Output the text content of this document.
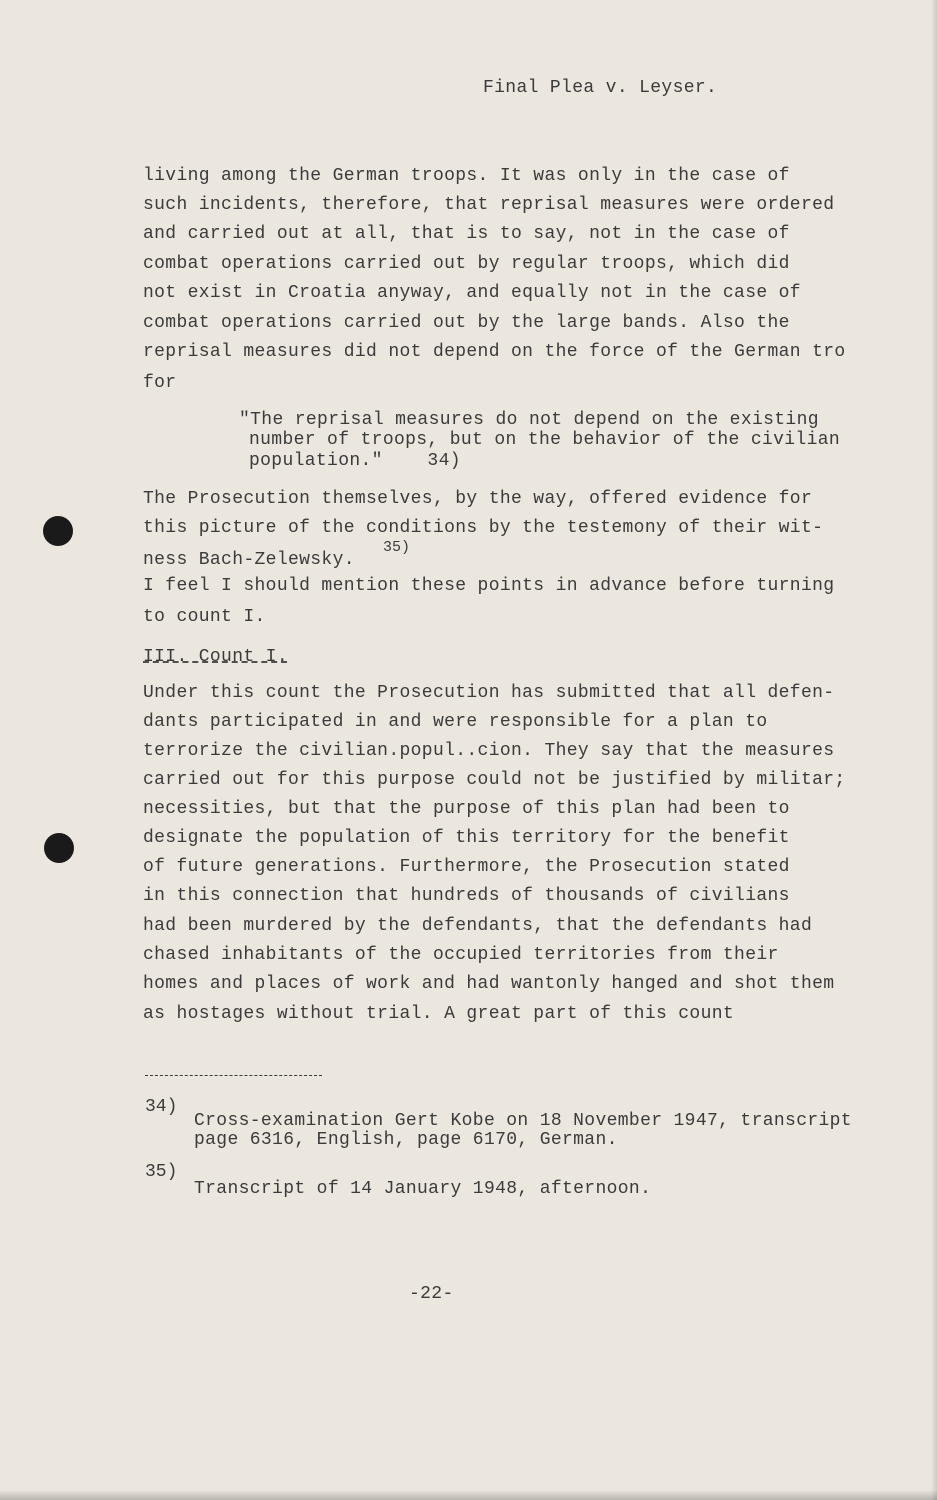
Final Plea v. Leyser.
living among the German troops. It was only in the case of
such incidents, therefore, that reprisal measures were ordered
and carried out at all, that is to say, not in the case of
combat operations carried out by regular troops, which did
not exist in Croatia anyway, and equally not in the case of
combat operations carried out by the large bands. Also the
reprisal measures did not depend on the force of the German tro
for
"The reprisal measures do not depend on the existing
number of troops, but on the behavior of the civilian
population."    34)
The Prosecution themselves, by the way, offered evidence for
this picture of the conditions by the testemony of their wit-
ness Bach-Zelewsky.
35)
I feel I should mention these points in advance before turning
to count I.
III. Count I.
Under this count the Prosecution has submitted that all defen-
dants participated in and were responsible for a plan to
terrorize the civilian.popul..cion. They say that the measures
carried out for this purpose could not be justified by militar;
necessities, but that the purpose of this plan had been to
designate the population of this territory for the benefit
of future generations. Furthermore, the Prosecution stated
in this connection that hundreds of thousands of civilians
had been murdered by the defendants, that the defendants had
chased inhabitants of the occupied territories from their
homes and places of work and had wantonly hanged and shot them
as hostages without trial. A great part of this count
34)
Cross-examination Gert Kobe on 18 November 1947, transcript
page 6316, English, page 6170, German.
35)
Transcript of 14 January 1948, afternoon.
-22-
